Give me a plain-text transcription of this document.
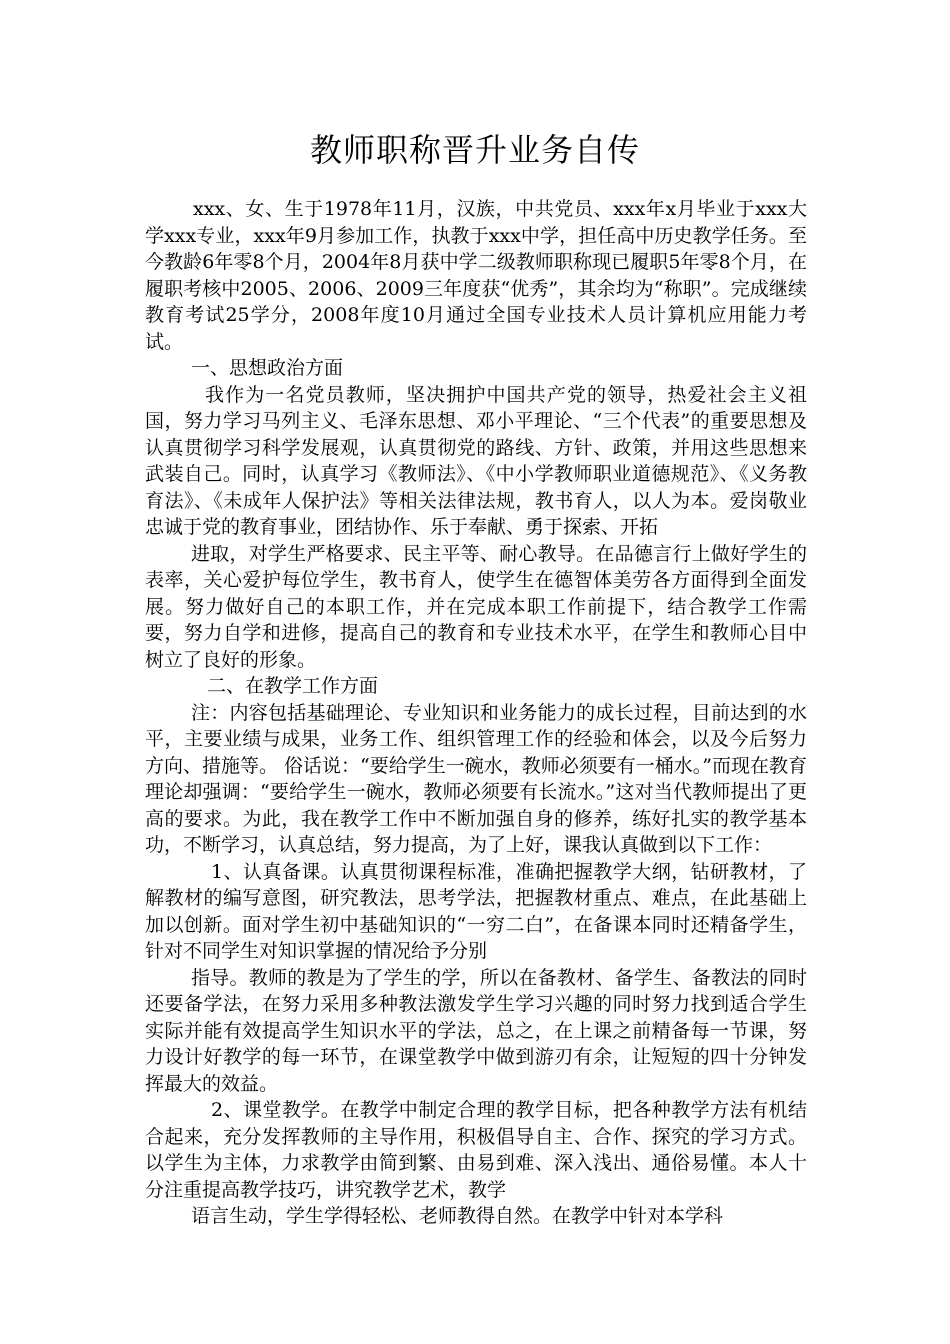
教师职称晋升业务自传

xxx、女、生于1978年11月，汉族，中共党员、xxx年x月毕业于xxx大学xxx专业，xxx年9月参加工作，执教于xxx中学，担任高中历史教学任务。至今教龄6年零8个月，2004年8月获中学二级教师职称现已履职5年零8个月，在履职考核中2005、2006、2009三年度获“优秀”，其余均为“称职”。完成继续教育考试25学分，2008年度10月通过全国专业技术人员计算机应用能力考试。

一、思想政治方面

我作为一名党员教师，坚决拥护中国共产党的领导，热爱社会主义祖国，努力学习马列主义、毛泽东思想、邓小平理论、“三个代表”的重要思想及认真贯彻学习科学发展观，认真贯彻党的路线、方针、政策，并用这些思想来武装自己。同时，认真学习《教师法》、《中小学教师职业道德规范》、《义务教育法》、《未成年人保护法》等相关法律法规，教书育人，以人为本。爱岗敬业忠诚于党的教育事业，团结协作、乐于奉献、勇于探索、开拓

进取，对学生严格要求、民主平等、耐心教导。在品德言行上做好学生的表率，关心爱护每位学生，教书育人，使学生在德智体美劳各方面得到全面发展。努力做好自己的本职工作，并在完成本职工作前提下，结合教学工作需要，努力自学和进修，提高自己的教育和专业技术水平，在学生和教师心目中树立了良好的形象。

二、在教学工作方面

注：内容包括基础理论、专业知识和业务能力的成长过程，目前达到的水平，主要业绩与成果，业务工作、组织管理工作的经验和体会，以及今后努力方向、措施等。 俗话说：“要给学生一碗水，教师必须要有一桶水。”而现在教育理论却强调：“要给学生一碗水，教师必须要有长流水。”这对当代教师提出了更高的要求。为此，我在教学工作中不断加强自身的修养，练好扎实的教学基本功，不断学习，认真总结，努力提高，为了上好，课我认真做到以下工作：

1、认真备课。认真贯彻课程标准，准确把握教学大纲，钻研教材，了解教材的编写意图，研究教法，思考学法，把握教材重点、难点，在此基础上加以创新。面对学生初中基础知识的“一穷二白”，在备课本同时还精备学生，针对不同学生对知识掌握的情况给予分别

指导。教师的教是为了学生的学，所以在备教材、备学生、备教法的同时还要备学法，在努力采用多种教法激发学生学习兴趣的同时努力找到适合学生实际并能有效提高学生知识水平的学法，总之，在上课之前精备每一节课，努力设计好教学的每一环节，在课堂教学中做到游刃有余，让短短的四十分钟发挥最大的效益。

2、课堂教学。在教学中制定合理的教学目标，把各种教学方法有机结合起来，充分发挥教师的主导作用，积极倡导自主、合作、探究的学习方式。以学生为主体，力求教学由简到繁、由易到难、深入浅出、通俗易懂。本人十分注重提高教学技巧，讲究教学艺术，教学

语言生动，学生学得轻松、老师教得自然。在教学中针对本学科
